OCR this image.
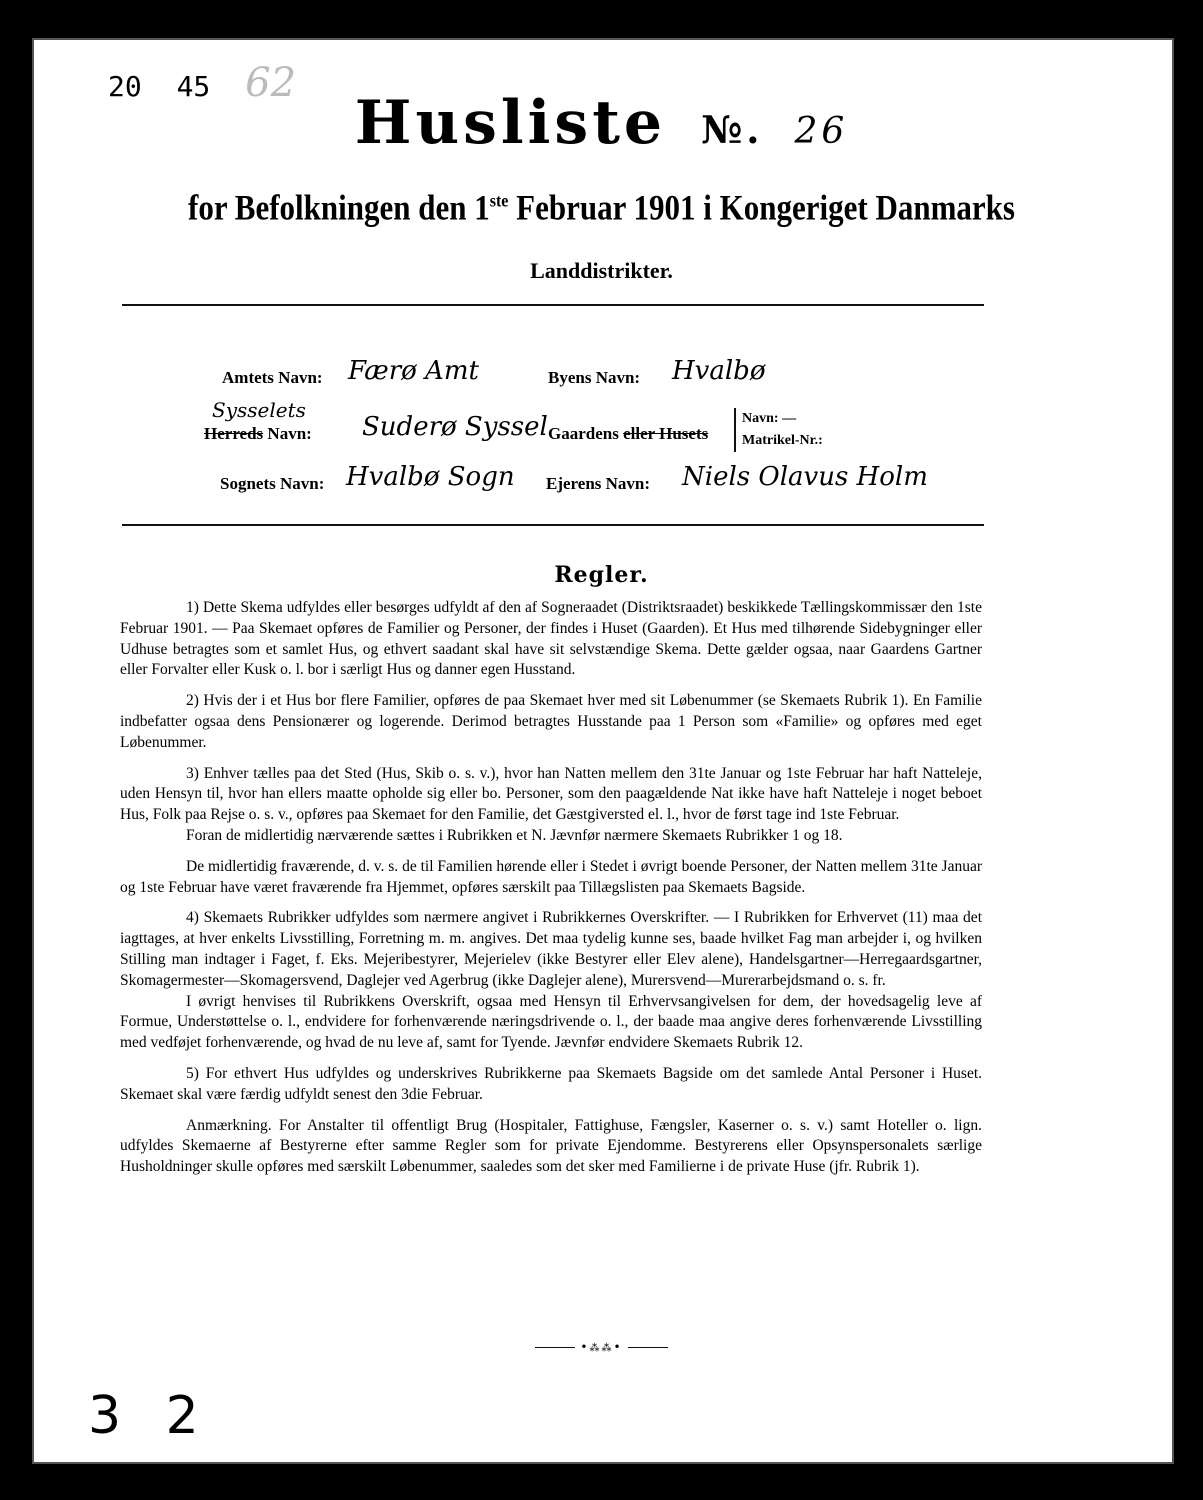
20 45 62
Husliste №. 26
for Befolkningen den 1ste Februar 1901 i Kongeriget Danmarks
Landdistrikter.
Amtets Navn: Færø Amt	Byens Navn: Hvalbø
Sysselets
Herreds Navn: Suderø Syssel Gaardens eller Husets
Navn: —
Matrikel-Nr.:
Sognets Navn: Hvalbø Sogn Ejerens Navn: Niels Olavus Holm
Regler.

1) Dette Skema udfyldes eller besørges udfyldt af den af Sogneraadet (Distriktsraadet) beskikkede Tællingskommissær den 1ste Februar 1901. — Paa Skemaet opføres de Familier og Personer, der findes i Huset (Gaarden). Et Hus med tilhørende Sidebygninger eller Udhuse betragtes som et samlet Hus, og ethvert saadant skal have sit selvstændige Skema. Dette gælder ogsaa, naar Gaardens Gartner eller Forvalter eller Kusk o. l. bor i særligt Hus og danner egen Husstand.

2) Hvis der i et Hus bor flere Familier, opføres de paa Skemaet hver med sit Løbenummer (se Skemaets Rubrik 1). En Familie indbefatter ogsaa dens Pensionærer og logerende. Derimod betragtes Husstande paa 1 Person som «Familie» og opføres med eget Løbenummer.

3) Enhver tælles paa det Sted (Hus, Skib o. s. v.), hvor han Natten mellem den 31te Januar og 1ste Februar har haft Natteleje, uden Hensyn til, hvor han ellers maatte opholde sig eller bo. Personer, som den paagældende Nat ikke have haft Natteleje i noget beboet Hus, Folk paa Rejse o. s. v., opføres paa Skemaet for den Familie, det Gæstgiversted el. l., hvor de først tage ind 1ste Februar.

Foran de midlertidig nærværende sættes i Rubrikken et N. Jævnfør nærmere Skemaets Rubrikker 1 og 18.

De midlertidig fraværende, d. v. s. de til Familien hørende eller i Stedet i øvrigt boende Personer, der Natten mellem 31te Januar og 1ste Februar have været fraværende fra Hjemmet, opføres særskilt paa Tillægslisten paa Skemaets Bagside.

4) Skemaets Rubrikker udfyldes som nærmere angivet i Rubrikkernes Overskrifter. — I Rubrikken for Erhvervet (11) maa det iagttages, at hver enkelts Livsstilling, Forretning m. m. angives. Det maa tydelig kunne ses, baade hvilket Fag man arbejder i, og hvilken Stilling man indtager i Faget, f. Eks. Mejeribestyrer, Mejerielev (ikke Bestyrer eller Elev alene), Handelsgartner—Herregaardsgartner, Skomagermester—Skomagersvend, Daglejer ved Agerbrug (ikke Daglejer alene), Murersvend—Murerarbejdsmand o. s. fr.

I øvrigt henvises til Rubrikkens Overskrift, ogsaa med Hensyn til Erhvervsangivelsen for dem, der hovedsagelig leve af Formue, Understøttelse o. l., endvidere for forhenværende næringsdrivende o. l., der baade maa angive deres forhenværende Livsstilling med vedføjet forhenværende, og hvad de nu leve af, samt for Tyende. Jævnfør endvidere Skemaets Rubrik 12.

5) For ethvert Hus udfyldes og underskrives Rubrikkerne paa Skemaets Bagside om det samlede Antal Personer i Huset. Skemaet skal være færdig udfyldt senest den 3die Februar.

Anmærkning. For Anstalter til offentligt Brug (Hospitaler, Fattighuse, Fængsler, Kaserner o. s. v.) samt Hoteller o. lign. udfyldes Skemaerne af Bestyrerne efter samme Regler som for private Ejendomme. Bestyrerens eller Opsynspersonalets særlige Husholdninger skulle opføres med særskilt Løbenummer, saaledes som det sker med Familierne i de private Huse (jfr. Rubrik 1).

•⁂⁂•
3 2
